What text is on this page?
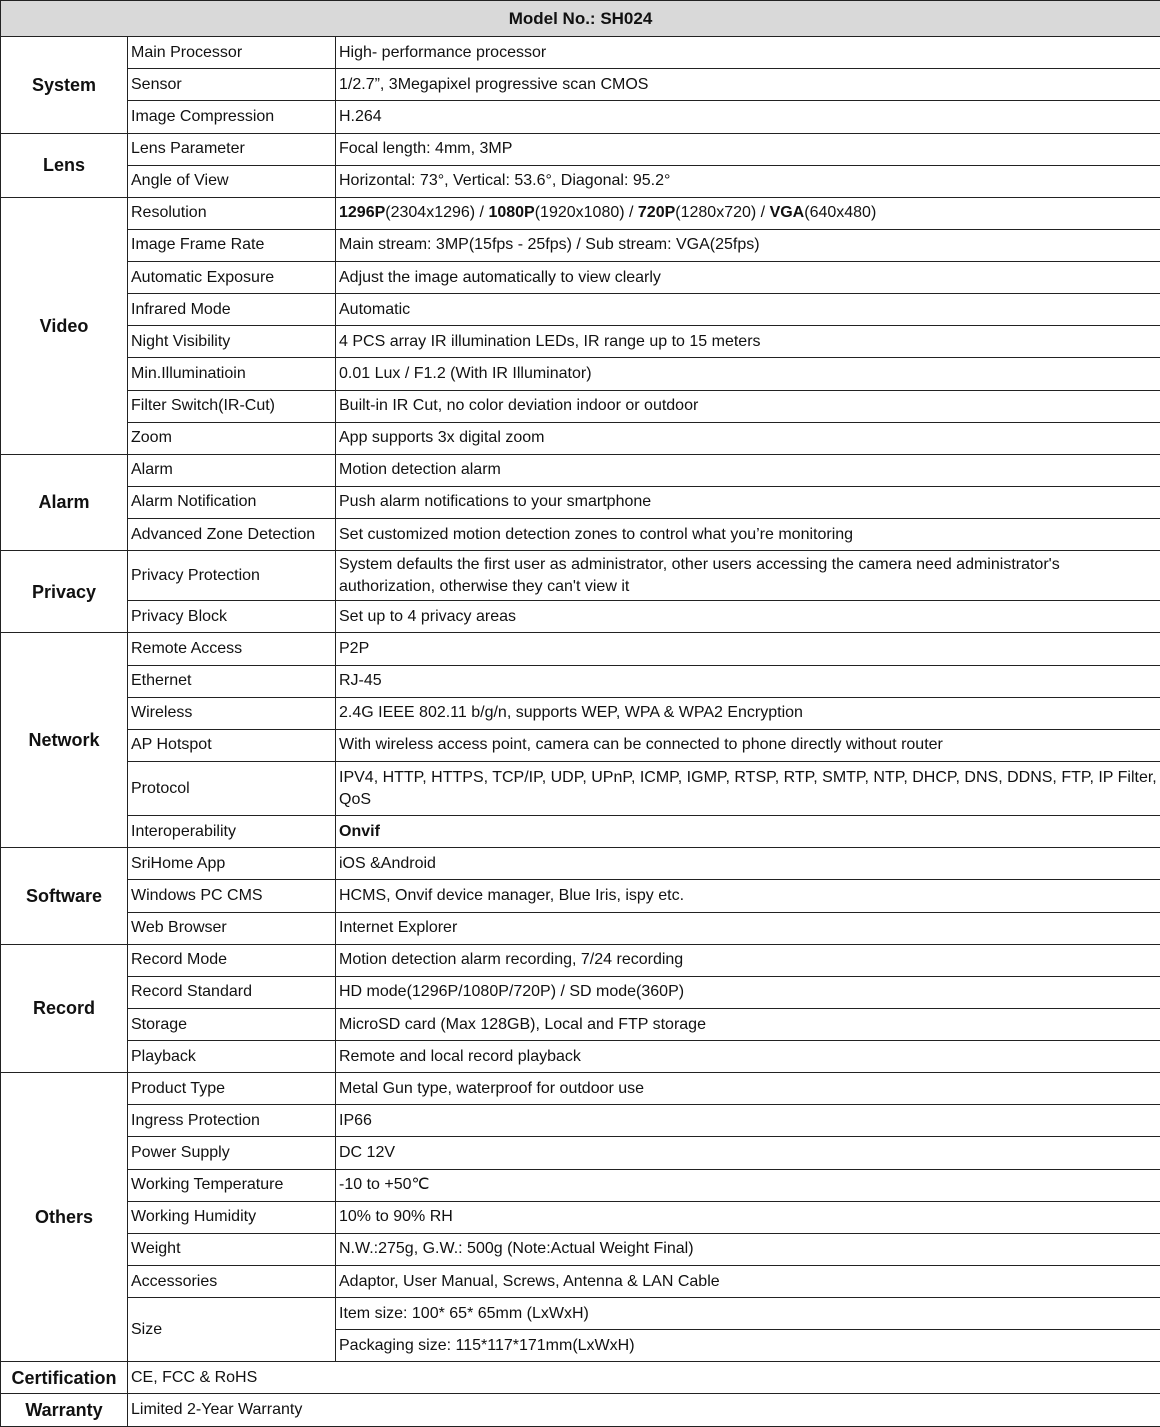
Model No.: SH024		
System	Main Processor	High- performance processor
	Sensor	1/2.7”, 3Megapixel progressive scan CMOS
	Image Compression	H.264
Lens	Lens Parameter	Focal length: 4mm, 3MP
	Angle of View	Horizontal: 73°, Vertical: 53.6°, Diagonal: 95.2°
Video	Resolution	1296P(2304x1296) / 1080P(1920x1080) / 720P(1280x720) / VGA(640x480)
	Image Frame Rate	Main stream: 3MP(15fps - 25fps) / Sub stream: VGA(25fps)
	Automatic Exposure	Adjust the image automatically to view clearly
	Infrared Mode	Automatic
	Night Visibility	4 PCS array IR illumination LEDs, IR range up to 15 meters
	Min.Illuminatioin	0.01 Lux / F1.2 (With IR Illuminator)
	Filter Switch(IR-Cut)	Built-in IR Cut, no color deviation indoor or outdoor
	Zoom	App supports 3x digital zoom
Alarm	Alarm	Motion detection alarm
	Alarm Notification	Push alarm notifications to your smartphone
	Advanced Zone Detection	Set customized motion detection zones to control what you’re monitoring
Privacy	Privacy Protection	System defaults the first user as administrator, other users accessing the camera need administrator's authorization, otherwise they can't view it
	Privacy Block	Set up to 4 privacy areas
Network	Remote Access	P2P
	Ethernet	RJ-45
	Wireless	2.4G IEEE 802.11 b/g/n, supports WEP, WPA & WPA2 Encryption
	AP Hotspot	With wireless access point, camera can be connected to phone directly without router
	Protocol	IPV4, HTTP, HTTPS, TCP/IP, UDP, UPnP, ICMP, IGMP, RTSP, RTP, SMTP, NTP, DHCP, DNS, DDNS, FTP, IP Filter, QoS
	Interoperability	Onvif
Software	SriHome App	iOS &Android
	Windows PC CMS	HCMS, Onvif device manager, Blue Iris, ispy etc.
	Web Browser	Internet Explorer
Record	Record Mode	Motion detection alarm recording, 7/24 recording
	Record Standard	HD mode(1296P/1080P/720P) / SD mode(360P)
	Storage	MicroSD card (Max 128GB), Local and FTP storage
	Playback	Remote and local record playback
Others	Product Type	Metal Gun type, waterproof for outdoor use
	Ingress Protection	IP66
	Power Supply	DC 12V
	Working Temperature	-10 to +50℃
	Working Humidity	10% to 90% RH
	Weight	N.W.:275g, G.W.: 500g (Note:Actual Weight Final)
	Accessories	Adaptor, User Manual, Screws, Antenna & LAN Cable
	Size	Item size: 100* 65* 65mm (LxWxH)
		Packaging size: 115*117*171mm(LxWxH)
Certification	CE, FCC & RoHS	
Warranty	Limited 2-Year Warranty	
